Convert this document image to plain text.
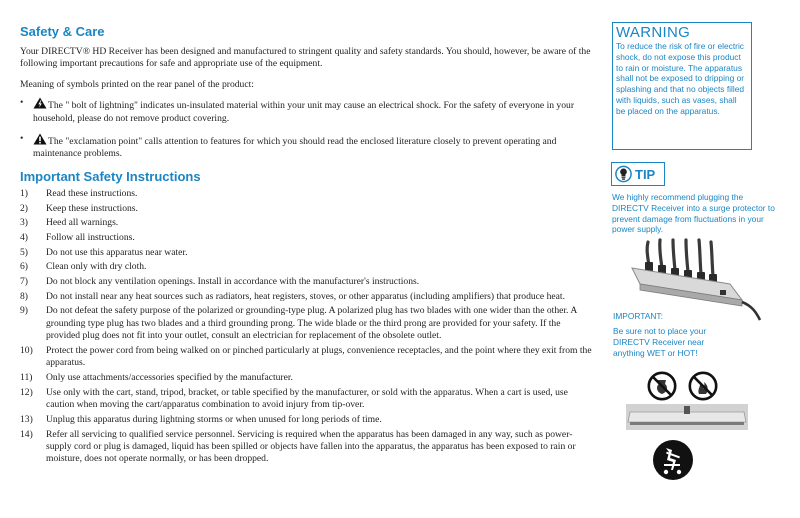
Safety & Care
Your DIRECTV® HD Receiver has been designed and manufactured to stringent quality and safety standards. You should, however, be aware of the following important precautions for safe and appropriate use of the equipment.
Meaning of symbols printed on the rear panel of the product:
•	The " bolt of lightning" indicates un-insulated material within your unit may cause an electrical shock. For the safety of everyone in your household, please do not remove product covering.
•	The "exclamation point" calls attention to features for which you should read the enclosed literature closely to prevent operating and maintenance problems.
Important Safety Instructions
1)	Read these instructions.
2)	Keep these instructions.
3)	Heed all warnings.
4)	Follow all instructions.
5)	Do not use this apparatus near water.
6)	Clean only with dry cloth.
7)	Do not block any ventilation openings. Install in accordance with the manufacturer's instructions.
8)	Do not install near any heat sources such as radiators, heat registers, stoves, or other apparatus (including amplifiers) that produce heat.
9)	Do not defeat the safety purpose of the polarized or grounding-type plug. A polarized plug has two blades with one wider than the other. A grounding type plug has two blades and a third grounding prong. The wide blade or the third prong are provided for your safety. If the provided plug does not fit into your outlet, consult an electrician for replacement of the obsolete outlet.
10)	Protect the power cord from being walked on or pinched particularly at plugs, convenience receptacles, and the point where they exit from the apparatus.
11)	Only use attachments/accessories specified by the manufacturer.
12)	Use only with the cart, stand, tripod, bracket, or table specified by the manufacturer, or sold with the apparatus. When a cart is used, use caution when moving the cart/apparatus combination to avoid injury from tip-over.
13)	Unplug this apparatus during lightning storms or when unused for long periods of time.
14)	Refer all servicing to qualified service personnel. Servicing is required when the apparatus has been damaged in any way, such as power-supply cord or plug is damaged, liquid has been spilled or objects have fallen into the apparatus, the apparatus has been exposed to rain or moisture, does not operate normally, or has been dropped.
WARNING
To reduce the risk of fire or electric shock, do not expose this product to rain or moisture. The apparatus shall not be exposed to dripping or splashing and that no objects filled with liquids, such as vases, shall be placed on the apparatus.
TIP
We highly recommend plugging the DIRECTV Receiver into a surge protector to prevent damage from fluctuations in your power supply.
IMPORTANT:
Be sure not to place your DIRECTV Receiver near anything WET or HOT!
